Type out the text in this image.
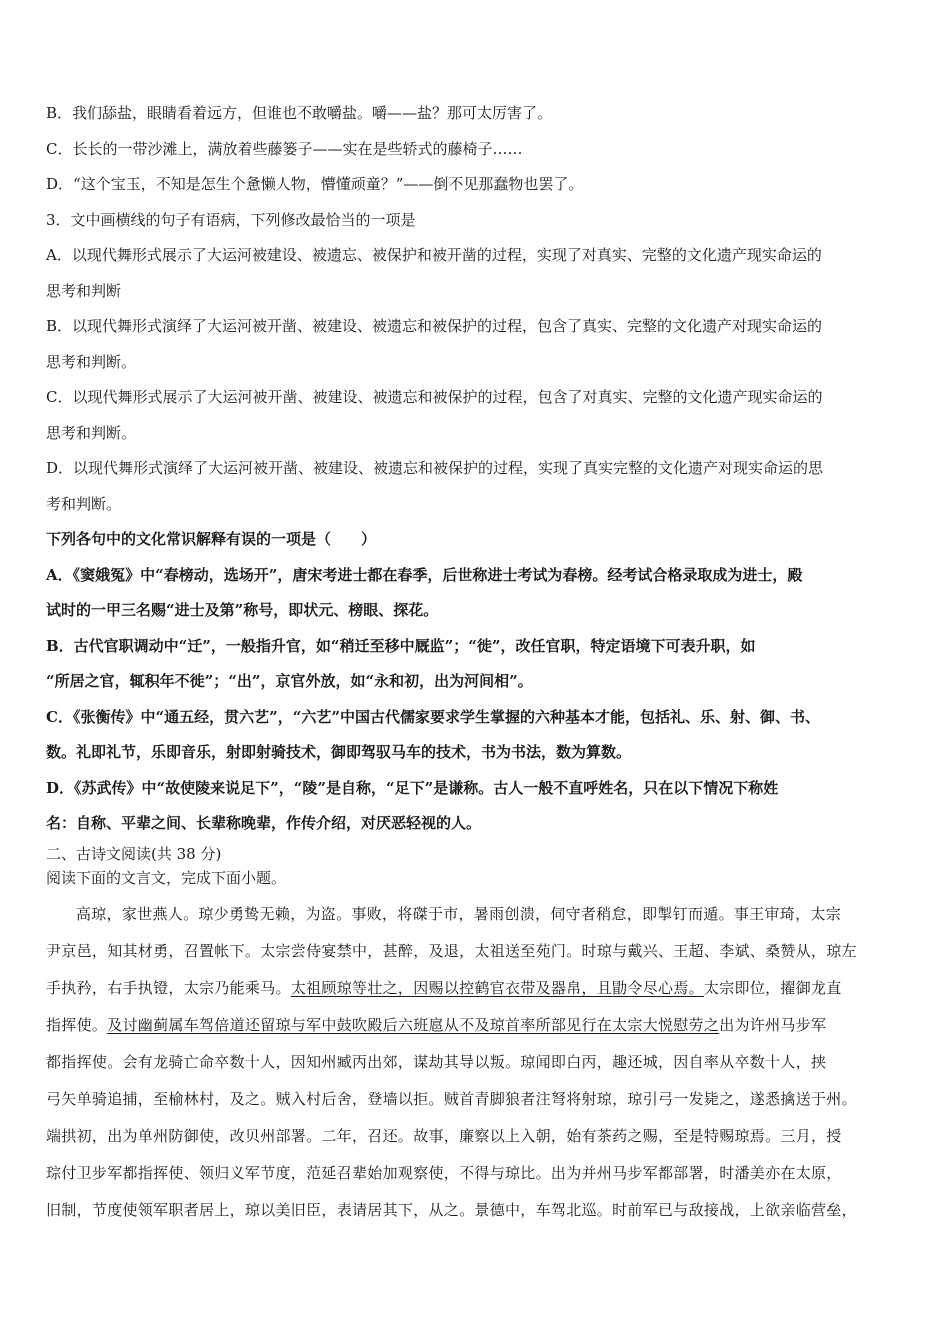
B．我们舔盐，眼睛看着远方，但谁也不敢嚼盐。嚼——盐？那可太厉害了。

C．长长的一带沙滩上，满放着些藤篓子——实在是些轿式的藤椅子……

D．“这个宝玉，不知是怎生个惫懒人物，懵懂顽童？”——倒不见那蠢物也罢了。

3．文中画横线的句子有语病，下列修改最恰当的一项是

A．以现代舞形式展示了大运河被建设、被遗忘、被保护和被开凿的过程，实现了对真实、完整的文化遗产现实命运的

思考和判断

B．以现代舞形式演绎了大运河被开凿、被建设、被遗忘和被保护的过程，包含了真实、完整的文化遗产对现实命运的

思考和判断。

C．以现代舞形式展示了大运河被开凿、被建设、被遗忘和被保护的过程，包含了对真实、完整的文化遗产现实命运的

思考和判断。

D．以现代舞形式演绎了大运河被开凿、被建设、被遗忘和被保护的过程，实现了真实完整的文化遗产对现实命运的思

考和判断。

下列各句中的文化常识解释有误的一项是（　　）

A．《窦娥冤》中“春榜动，选场开”，唐宋考进士都在春季，后世称进士考试为春榜。经考试合格录取成为进士，殿

试时的一甲三名赐“进士及第”称号，即状元、榜眼、探花。

B．古代官职调动中“迁”，一般指升官，如“稍迁至移中厩监”；“徙”，改任官职，特定语境下可表升职，如

“所居之官，辄积年不徙”；“出”，京官外放，如“永和初，出为河间相”。

C．《张衡传》中“通五经，贯六艺”，“六艺”中国古代儒家要求学生掌握的六种基本才能，包括礼、乐、射、御、书、

数。礼即礼节，乐即音乐，射即射骑技术，御即驾驭马车的技术，书为书法，数为算数。

D．《苏武传》中“故使陵来说足下”，“陵”是自称，“足下”是谦称。古人一般不直呼姓名，只在以下情况下称姓

名：自称、平辈之间、长辈称晚辈，作传介绍，对厌恶轻视的人。

二、古诗文阅读(共 38 分)

阅读下面的文言文，完成下面小题。

高琼，家世燕人。琼少勇鸷无赖，为盗。事败，将磔于市，暑雨创溃，伺守者稍怠，即掣钉而遁。事王审琦，太宗

尹京邑，知其材勇，召置帐下。太宗尝侍宴禁中，甚醉，及退，太祖送至苑门。时琼与戴兴、王超、李斌、桑赞从，琼左

手执矜，右手执镫，太宗乃能乘马。太祖顾琼等壮之，因赐以控鹤官衣带及器帛，且勖令尽心焉。太宗即位，擢御龙直

指挥使。及讨幽蓟属车驾倍道还留琼与军中鼓吹殿后六班扈从不及琼首率所部见行在太宗大悦慰劳之出为许州马步军

都指挥使。会有龙骑亡命卒数十人，因知州臧丙出郊，谋劫其导以叛。琼闻即白丙，趣还城，因自率从卒数十人，挟

弓矢单骑追捕，至榆林村，及之。贼入村后舍，登墙以拒。贼首青脚狼者注弩将射琼，琼引弓一发毙之，遂悉擒送于州。

端拱初，出为单州防御使，改贝州部署。二年，召还。故事，廉察以上入朝，始有茶药之赐，至是特赐琼焉。三月，授

琮付卫步军都指挥使、领归义军节度，范延召辈始加观察使，不得与琼比。出为并州马步军都部署，时潘美亦在太原，

旧制，节度使领军职者居上，琼以美旧臣，表请居其下，从之。景德中，车驾北巡。时前军已与敌接战，上欲亲临营垒，
